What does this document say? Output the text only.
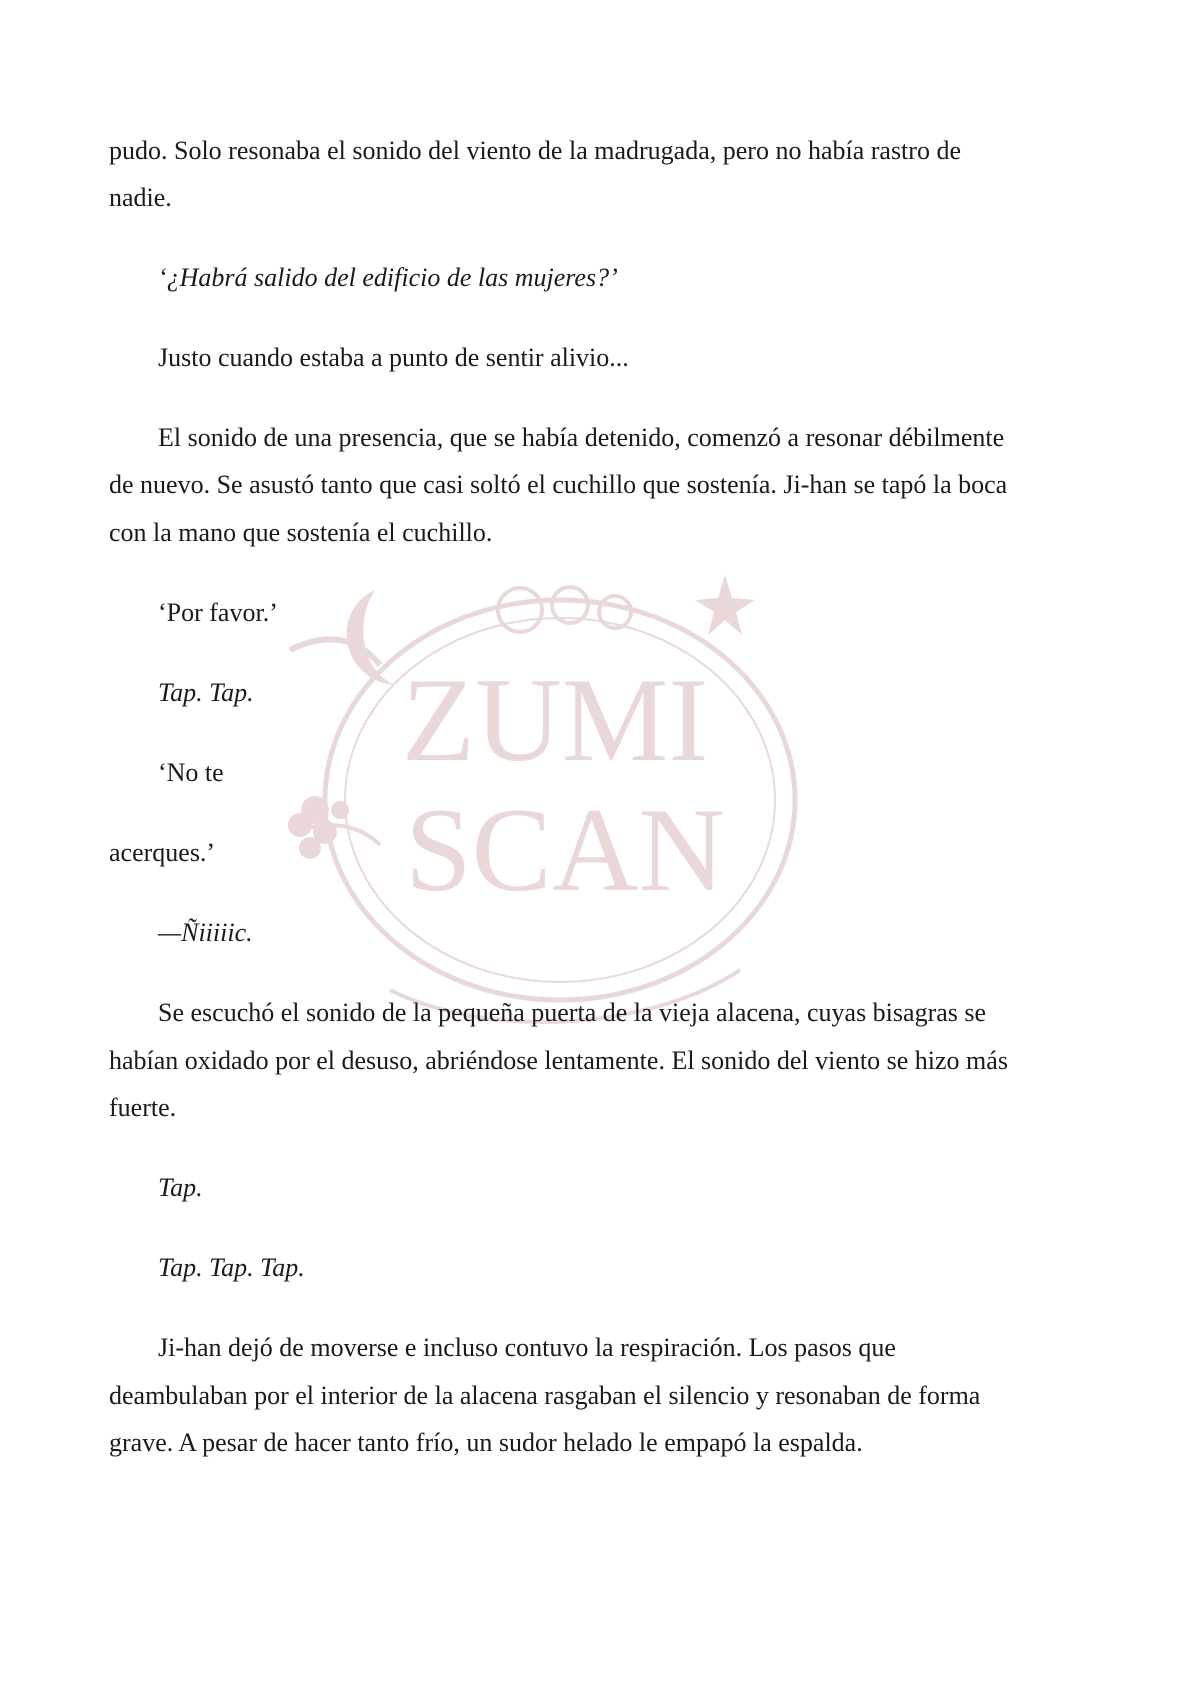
ZUMI
SCAN

pudo. Solo resonaba el sonido del viento de la madrugada, pero no había rastro de

nadie.

‘¿Habrá salido del edificio de las mujeres?’

Justo cuando estaba a punto de sentir alivio...

El sonido de una presencia, que se había detenido, comenzó a resonar débilmente

de nuevo. Se asustó tanto que casi soltó el cuchillo que sostenía. Ji-han se tapó la boca

con la mano que sostenía el cuchillo.

‘Por favor.’

Tap. Tap.

‘No te

acerques.’

—Ñiiiiic.

Se escuchó el sonido de la pequeña puerta de la vieja alacena, cuyas bisagras se

habían oxidado por el desuso, abriéndose lentamente. El sonido del viento se hizo más

fuerte.

Tap.

Tap. Tap. Tap.

Ji-han dejó de moverse e incluso contuvo la respiración. Los pasos que

deambulaban por el interior de la alacena rasgaban el silencio y resonaban de forma

grave. A pesar de hacer tanto frío, un sudor helado le empapó la espalda.
